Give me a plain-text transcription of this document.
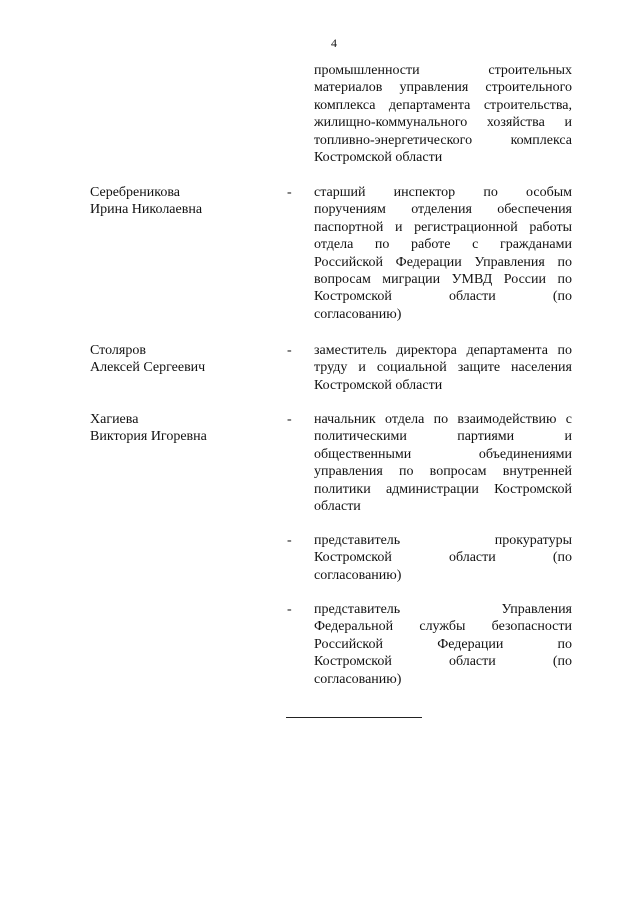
4
промышленности строительных
материалов управления строительного
комплекса департамента строительства,
жилищно-коммунального хозяйства и
топливно-энергетического комплекса
Костромской области
Серебреникова
Ирина Николаевна
- старший инспектор по особым
поручениям отделения обеспечения
паспортной и регистрационной работы
отдела по работе с гражданами
Российской Федерации Управления по
вопросам миграции УМВД России по
Костромской области (по
согласованию)
Столяров
Алексей Сергеевич
- заместитель директора департамента по
труду и социальной защите населения
Костромской области
Хагиева
Виктория Игоревна
- начальник отдела по взаимодействию с
политическими партиями и
общественными объединениями
управления по вопросам внутренней
политики администрации Костромской
области
- представитель прокуратуры
Костромской области (по
согласованию)
- представитель Управления
Федеральной службы безопасности
Российской Федерации по
Костромской области (по
согласованию)
